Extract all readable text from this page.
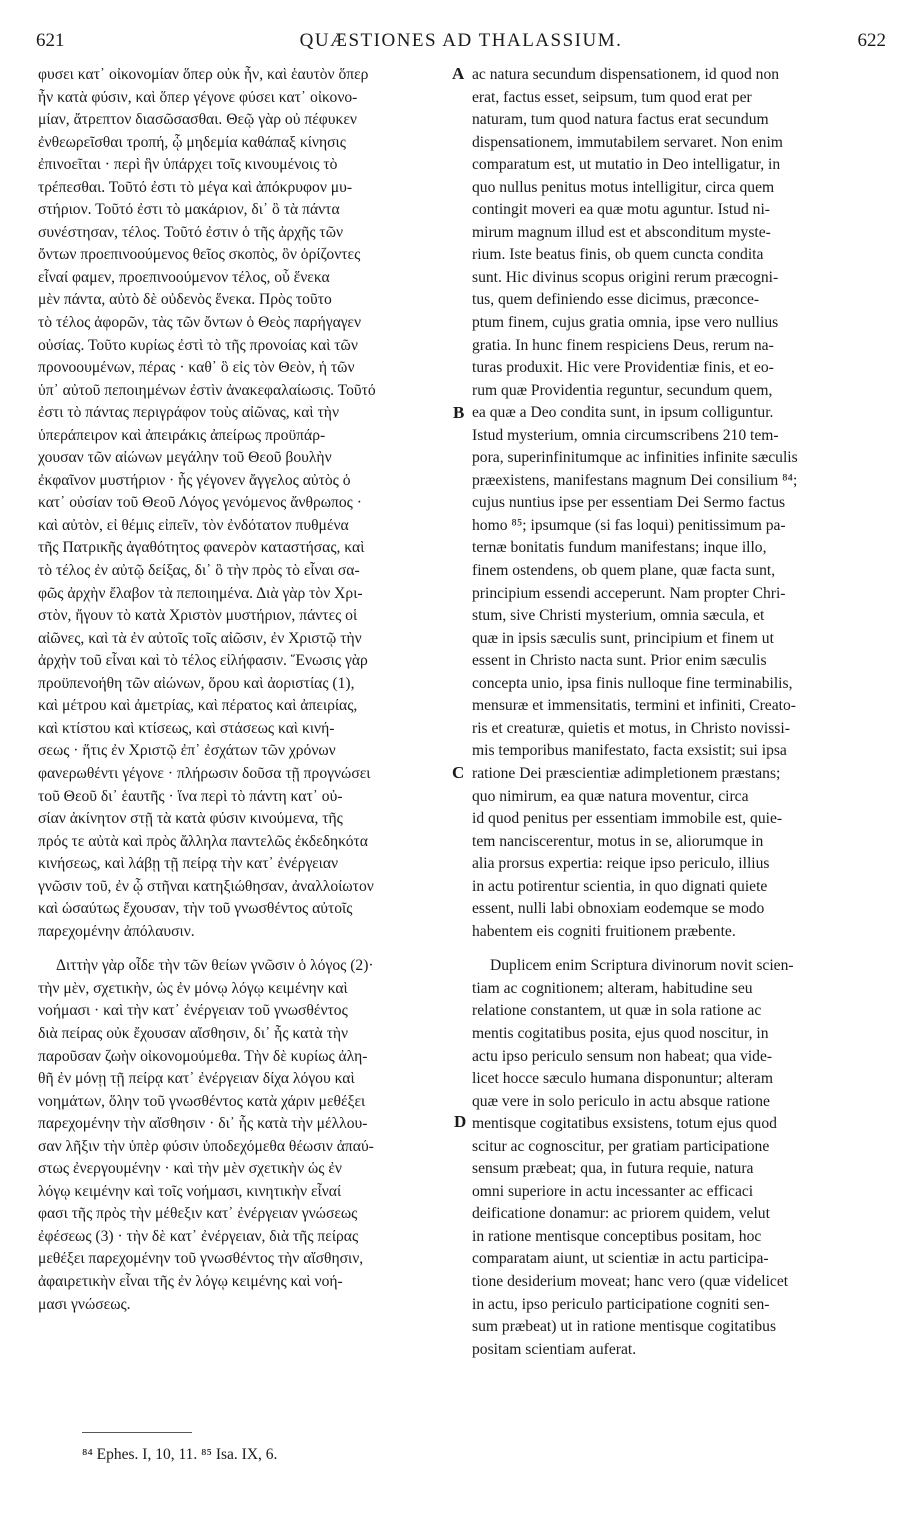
621	QUÆSTIONES AD THALASSIUM.	622
φυσει κατ᾽ οἰκονομίαν ὅπερ οὐκ ἦν, καὶ ἑαυτὸν ὅπερ
ἦν κατὰ φύσιν, καὶ ὅπερ γέγονε φύσει κατ᾽ οἰκονο-
μίαν, ἄτρεπτον διασῶσασθαι. Θεῷ γὰρ οὐ πέφυκεν
ἐνθεωρεῖσθαι τροπή, ᾧ μηδεμία καθάπαξ κίνησις
ἐπινοεῖται · περὶ ἣν ὑπάρχει τοῖς κινουμένοις τὸ
τρέπεσθαι. Τοῦτό ἐστι τὸ μέγα καὶ ἀπόκρυφον μυ-
στήριον. Τοῦτό ἐστι τὸ μακάριον, δι᾽ ὃ τὰ πάντα
συνέστησαν, τέλος. Τοῦτό ἐστιν ὁ τῆς ἀρχῆς τῶν
ὄντων προεπινοούμενος θεῖος σκοπὸς, ὃν ὁρίζοντες
εἶναί φαμεν, προεπινοούμενον τέλος, οὗ ἕνεκα
μὲν πάντα, αὐτὸ δὲ οὐδενὸς ἕνεκα. Πρὸς τοῦτο
τὸ τέλος ἀφορῶν, τὰς τῶν ὄντων ὁ Θεὸς παρήγαγεν
οὐσίας. Τοῦτο κυρίως ἐστὶ τὸ τῆς προνοίας καὶ τῶν
προνοουμένων, πέρας · καθ᾽ ὃ εἰς τὸν Θεὸν, ἡ τῶν
ὑπ᾽ αὐτοῦ πεποιημένων ἐστὶν ἀνακεφαλαίωσις. Τοῦτό
ἐστι τὸ πάντας περιγράφον τοὺς αἰῶνας, καὶ τὴν
ὑπεράπειρον καὶ ἀπειράκις ἀπείρως προϋπάρ-
χουσαν τῶν αἰώνων μεγάλην τοῦ Θεοῦ βουλὴν
ἐκφαῖνον μυστήριον · ἧς γέγονεν ἄγγελος αὐτὸς ὁ
κατ᾽ οὐσίαν τοῦ Θεοῦ Λόγος γενόμενος ἄνθρωπος ·
καὶ αὐτὸν, εἰ θέμις εἰπεῖν, τὸν ἐνδότατον πυθμένα
τῆς Πατρικῆς ἀγαθότητος φανερὸν καταστήσας, καὶ
τὸ τέλος ἐν αὐτῷ δείξας, δι᾽ ὃ τὴν πρὸς τὸ εἶναι σα-
φῶς ἀρχὴν ἔλαβον τὰ πεποιημένα. Διὰ γὰρ τὸν Χρι-
στὸν, ἤγουν τὸ κατὰ Χριστὸν μυστήριον, πάντες οἱ
αἰῶνες, καὶ τὰ ἐν αὐτοῖς τοῖς αἰῶσιν, ἐν Χριστῷ τὴν
ἀρχὴν τοῦ εἶναι καὶ τὸ τέλος εἰλήφασιν. Ἕνωσις γὰρ
προϋπενοήθη τῶν αἰώνων, ὅρου καὶ ἀοριστίας (1),
καὶ μέτρου καὶ ἀμετρίας, καὶ πέρατος καὶ ἀπειρίας,
καὶ κτίστου καὶ κτίσεως, καὶ στάσεως καὶ κινή-
σεως · ἥτις ἐν Χριστῷ ἐπ᾽ ἐσχάτων τῶν χρόνων
φανερωθέντι γέγονε · πλήρωσιν δοῦσα τῇ προγνώσει
τοῦ Θεοῦ δι᾽ ἑαυτῆς · ἵνα περὶ τὸ πάντη κατ᾽ οὐ-
σίαν ἀκίνητον στῇ τὰ κατὰ φύσιν κινούμενα, τῆς
πρός τε αὐτὰ καὶ πρὸς ἄλληλα παντελῶς ἐκδεδηκότα
κινήσεως, καὶ λάβῃ τῇ πείρᾳ τὴν κατ᾽ ἐνέργειαν
γνῶσιν τοῦ, ἐν ᾧ στῆναι κατηξιώθησαν, ἀναλλοίωτον
καὶ ὡσαύτως ἔχουσαν, τὴν τοῦ γνωσθέντος αὐτοῖς
παρεχομένην ἀπόλαυσιν.
Διττὴν γὰρ οἶδε τὴν τῶν θείων γνῶσιν ὁ λόγος (2)·
τὴν μὲν, σχετικὴν, ὡς ἐν μόνῳ λόγῳ κειμένην καὶ
νοήμασι · καὶ τὴν κατ᾽ ἐνέργειαν τοῦ γνωσθέντος
διὰ πείρας οὐκ ἔχουσαν αἴσθησιν, δι᾽ ἧς κατὰ τὴν
παροῦσαν ζωὴν οἰκονομούμεθα. Τὴν δὲ κυρίως ἀλη-
θῆ ἐν μόνῃ τῇ πείρᾳ κατ᾽ ἐνέργειαν δίχα λόγου καὶ
νοημάτων, ὅλην τοῦ γνωσθέντος κατὰ χάριν μεθέξει
παρεχομένην τὴν αἴσθησιν · δι᾽ ἧς κατὰ τὴν μέλλου-
σαν λῆξιν τὴν ὑπὲρ φύσιν ὑποδεχόμεθα θέωσιν ἀπαύ-
στως ἐνεργουμένην · καὶ τὴν μὲν σχετικὴν ὡς ἐν
λόγῳ κειμένην καὶ τοῖς νοήμασι, κινητικὴν εἶναί
φασι τῆς πρὸς τὴν μέθεξιν κατ᾽ ἐνέργειαν γνώσεως
ἐφέσεως (3) · τὴν δὲ κατ᾽ ἐνέργειαν, διὰ τῆς πείρας
μεθέξει παρεχομένην τοῦ γνωσθέντος τὴν αἴσθησιν,
ἀφαιρετικὴν εἶναι τῆς ἐν λόγῳ κειμένης καὶ νοή-
μασι γνώσεως.
ac natura secundum dispensationem, id quod non
erat, factus esset, seipsum, tum quod erat per
naturam, tum quod natura factus erat secundum
dispensationem, immutabilem servaret. Non enim
comparatum est, ut mutatio in Deo intelligatur, in
quo nullus penitus motus intelligitur, circa quem
contingit moveri ea quæ motu aguntur. Istud ni-
mirum magnum illud est et absconditum myste-
rium. Iste beatus finis, ob quem cuncta condita
sunt. Hic divinus scopus origini rerum præcogni-
tus, quem definiendo esse dicimus, præconce-
ptum finem, cujus gratia omnia, ipse vero nullius
gratia. In hunc finem respiciens Deus, rerum na-
turas produxit. Hic vere Providentiæ finis, et eo-
rum quæ Providentia reguntur, secundum quem,
ea quæ a Deo condita sunt, in ipsum colliguntur.
Istud mysterium, omnia circumscribens 210 tem-
pora, superinfinitumque ac infinities infinite sæculis
præexistens, manifestans magnum Dei consilium ⁸⁴;
cujus nuntius ipse per essentiam Dei Sermo factus
homo ⁸⁵; ipsumque (si fas loqui) penitissimum pa-
ternæ bonitatis fundum manifestans; inque illo,
finem ostendens, ob quem plane, quæ facta sunt,
principium essendi acceperunt. Nam propter Chri-
stum, sive Christi mysterium, omnia sæcula, et
quæ in ipsis sæculis sunt, principium et finem ut
essent in Christo nacta sunt. Prior enim sæculis
concepta unio, ipsa finis nulloque fine terminabilis,
mensuræ et immensitatis, termini et infiniti, Creato-
ris et creaturæ, quietis et motus, in Christo novissi-
mis temporibus manifestato, facta exsistit; sui ipsa
ratione Dei præscientiæ adimpletionem præstans;
quo nimirum, ea quæ natura moventur, circa
id quod penitus per essentiam immobile est, quie-
tem nanciscerentur, motus in se, aliorumque in
alia prorsus expertia: reique ipso periculo, illius
in actu potirentur scientia, in quo dignati quiete
essent, nulli labi obnoxiam eodemque se modo
habentem eis cogniti fruitionem præbente.
Duplicem enim Scriptura divinorum novit scien-
tiam ac cognitionem; alteram, habitudine seu
relatione constantem, ut quæ in sola ratione ac
mentis cogitatibus posita, ejus quod noscitur, in
actu ipso periculo sensum non habeat; qua vide-
licet hocce sæculo humana disponuntur; alteram
quæ vere in solo periculo in actu absque ratione
mentisque cogitatibus exsistens, totum ejus quod
scitur ac cognoscitur, per gratiam participatione
sensum præbeat; qua, in futura requie, natura
omni superiore in actu incessanter ac efficaci
deificatione donamur: ac priorem quidem, velut
in ratione mentisque conceptibus positam, hoc
comparatam aiunt, ut scientiæ in actu participa-
tione desiderium moveat; hanc vero (quæ videlicet
in actu, ipso periculo participatione cogniti sen-
sum præbeat) ut in ratione mentisque cogitatibus
positam scientiam auferat.
A
B
C
D
⁸⁴ Ephes. I, 10, 11. ⁸⁵ Isa. IX, 6.
